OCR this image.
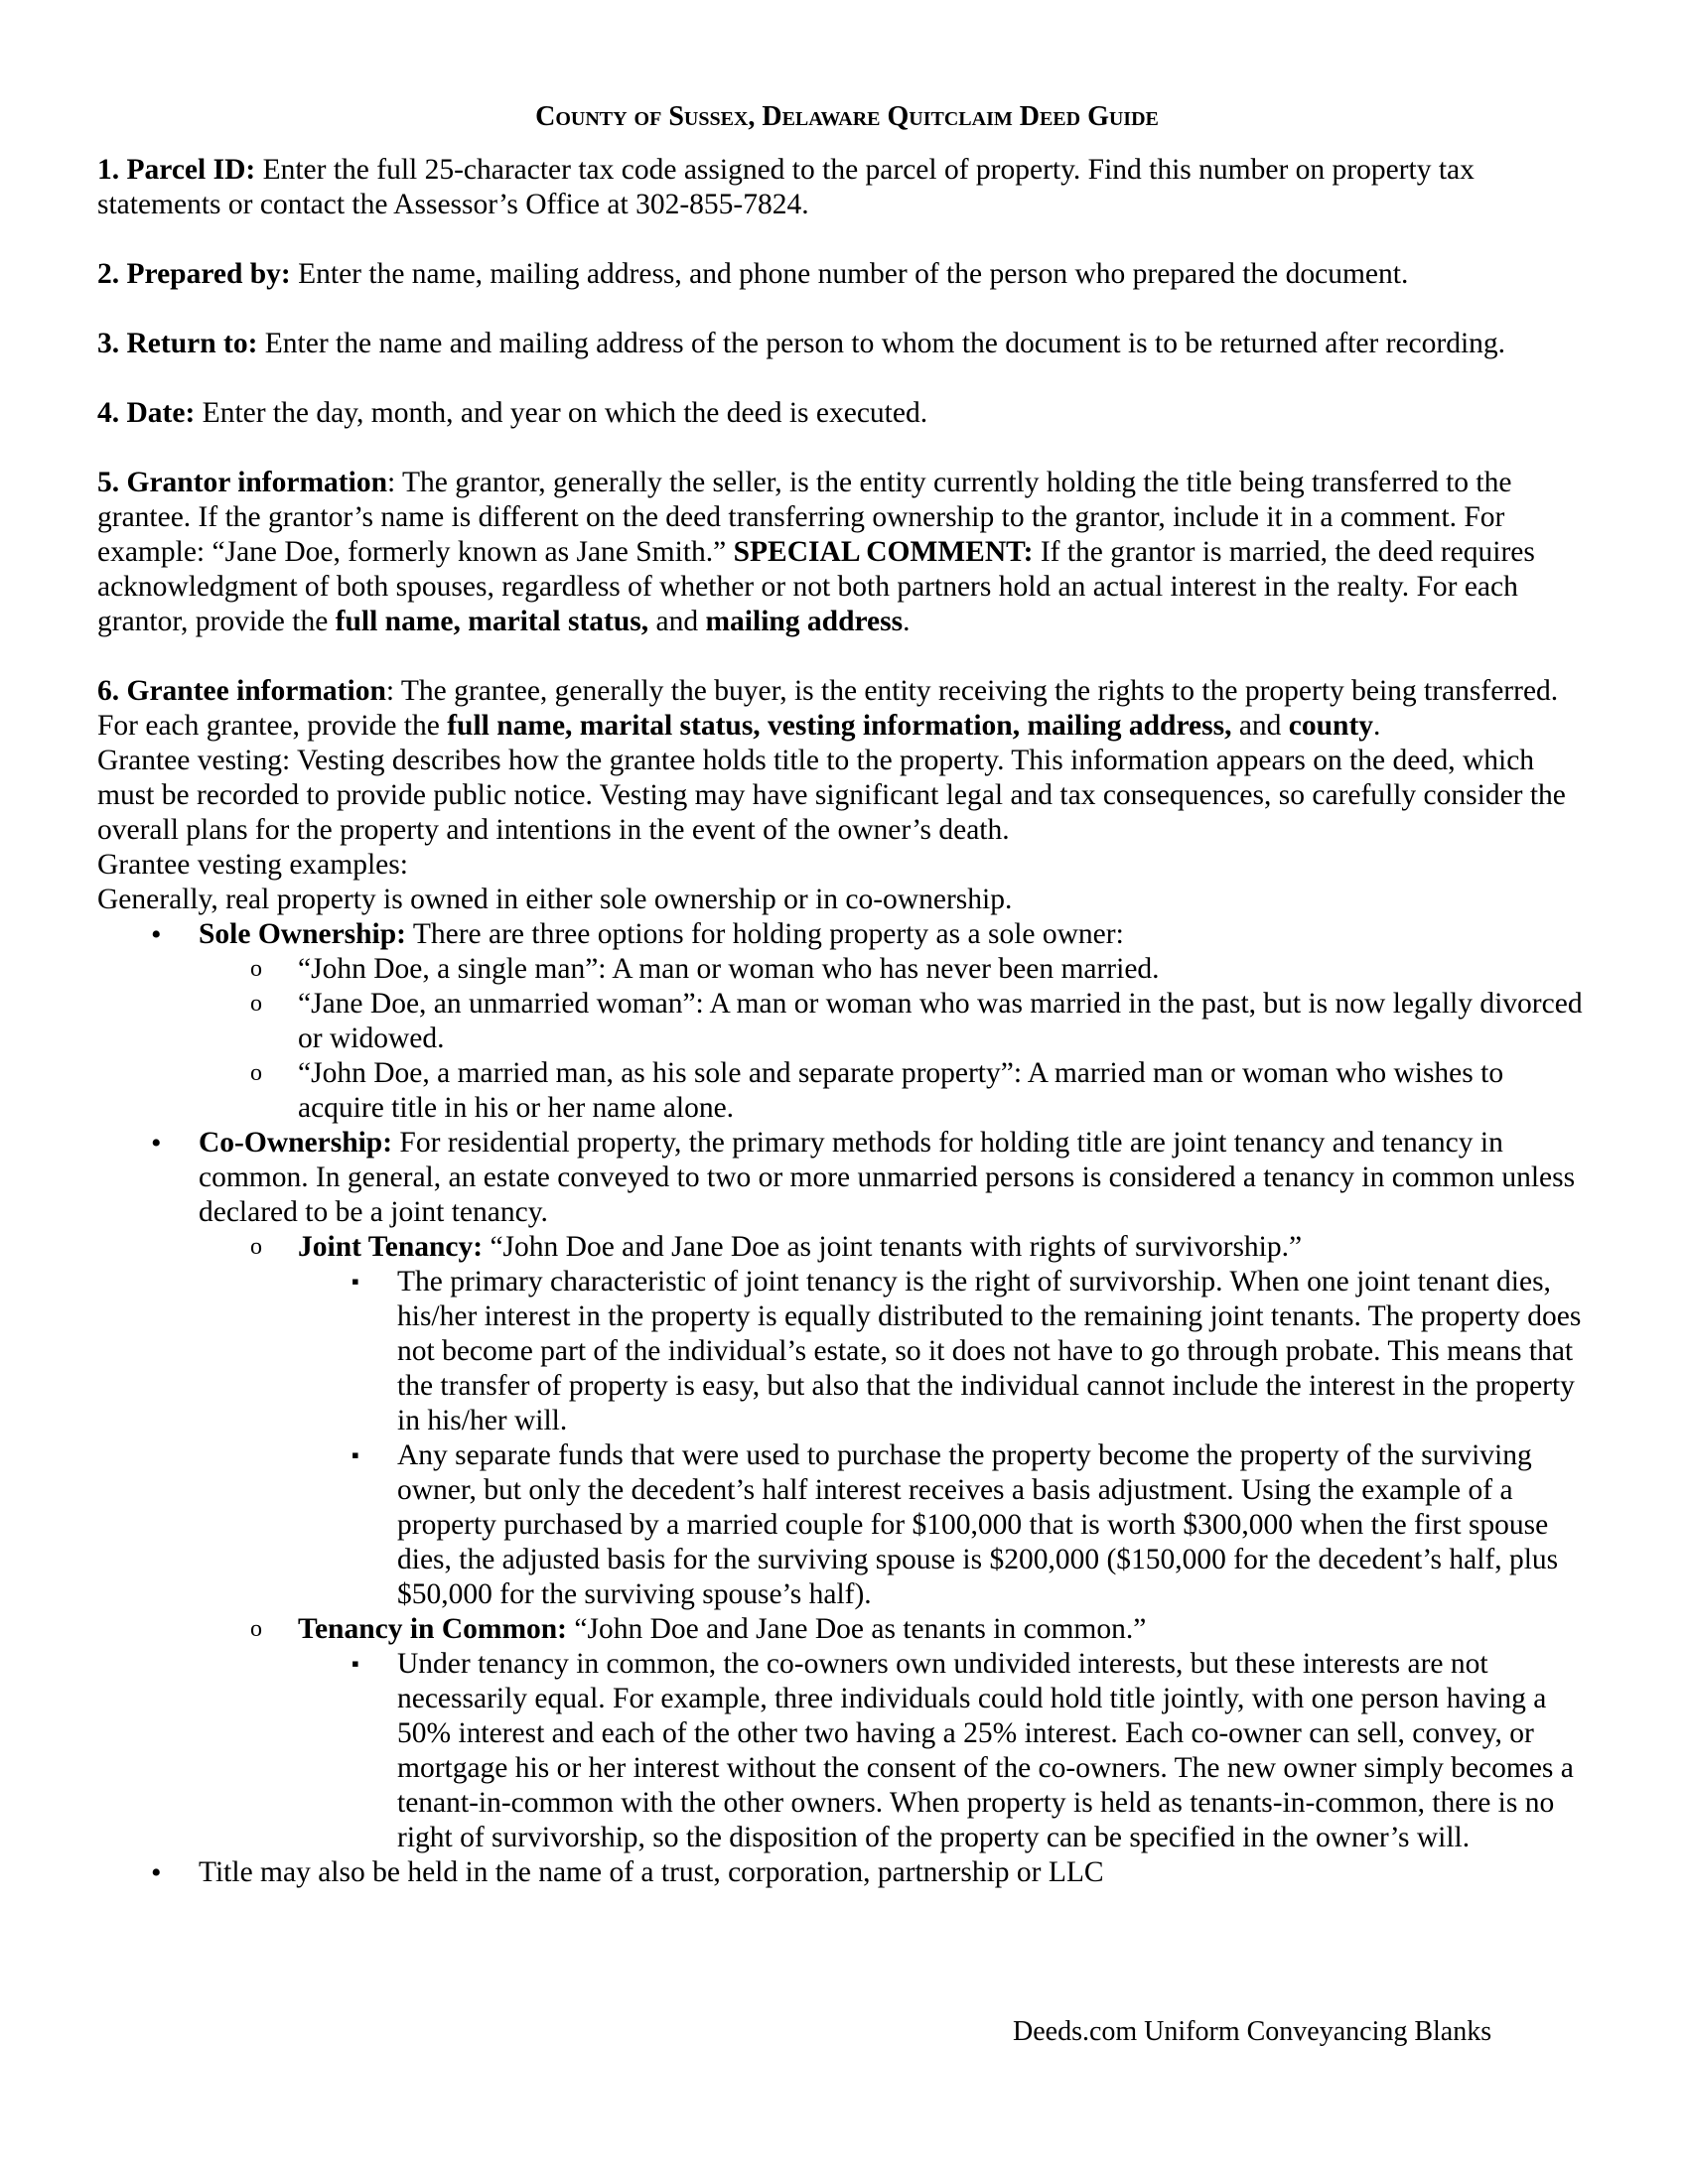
County of Sussex, Delaware Quitclaim Deed Guide

1. Parcel ID: Enter the full 25-character tax code assigned to the parcel of property. Find this number on property tax statements or contact the Assessor’s Office at 302-855-7824.

2. Prepared by: Enter the name, mailing address, and phone number of the person who prepared the document.

3. Return to: Enter the name and mailing address of the person to whom the document is to be returned after recording.

4. Date: Enter the day, month, and year on which the deed is executed.

5. Grantor information: The grantor, generally the seller, is the entity currently holding the title being transferred to the grantee. If the grantor’s name is different on the deed transferring ownership to the grantor, include it in a comment. For example: “Jane Doe, formerly known as Jane Smith.” SPECIAL COMMENT: If the grantor is married, the deed requires acknowledgment of both spouses, regardless of whether or not both partners hold an actual interest in the realty. For each grantor, provide the full name, marital status, and mailing address.

6. Grantee information: The grantee, generally the buyer, is the entity receiving the rights to the property being transferred. For each grantee, provide the full name, marital status, vesting information, mailing address, and county.

Grantee vesting: Vesting describes how the grantee holds title to the property. This information appears on the deed, which must be recorded to provide public notice. Vesting may have significant legal and tax consequences, so carefully consider the overall plans for the property and intentions in the event of the owner’s death.

Grantee vesting examples:

Generally, real property is owned in either sole ownership or in co-ownership.

• Sole Ownership: There are three options for holding property as a sole owner:
o “John Doe, a single man”: A man or woman who has never been married.
o “Jane Doe, an unmarried woman”: A man or woman who was married in the past, but is now legally divorced or widowed.
o “John Doe, a married man, as his sole and separate property”: A married man or woman who wishes to acquire title in his or her name alone.
• Co-Ownership: For residential property, the primary methods for holding title are joint tenancy and tenancy in common. In general, an estate conveyed to two or more unmarried persons is considered a tenancy in common unless declared to be a joint tenancy.
o Joint Tenancy: “John Doe and Jane Doe as joint tenants with rights of survivorship.”
▪ The primary characteristic of joint tenancy is the right of survivorship. When one joint tenant dies, his/her interest in the property is equally distributed to the remaining joint tenants. The property does not become part of the individual’s estate, so it does not have to go through probate. This means that the transfer of property is easy, but also that the individual cannot include the interest in the property in his/her will.
▪ Any separate funds that were used to purchase the property become the property of the surviving owner, but only the decedent’s half interest receives a basis adjustment. Using the example of a property purchased by a married couple for $100,000 that is worth $300,000 when the first spouse dies, the adjusted basis for the surviving spouse is $200,000 ($150,000 for the decedent’s half, plus $50,000 for the surviving spouse’s half).
o Tenancy in Common: “John Doe and Jane Doe as tenants in common.”
▪ Under tenancy in common, the co-owners own undivided interests, but these interests are not necessarily equal. For example, three individuals could hold title jointly, with one person having a 50% interest and each of the other two having a 25% interest. Each co-owner can sell, convey, or mortgage his or her interest without the consent of the co-owners. The new owner simply becomes a tenant-in-common with the other owners. When property is held as tenants-in-common, there is no right of survivorship, so the disposition of the property can be specified in the owner’s will.
• Title may also be held in the name of a trust, corporation, partnership or LLC
Deeds.com Uniform Conveyancing Blanks
